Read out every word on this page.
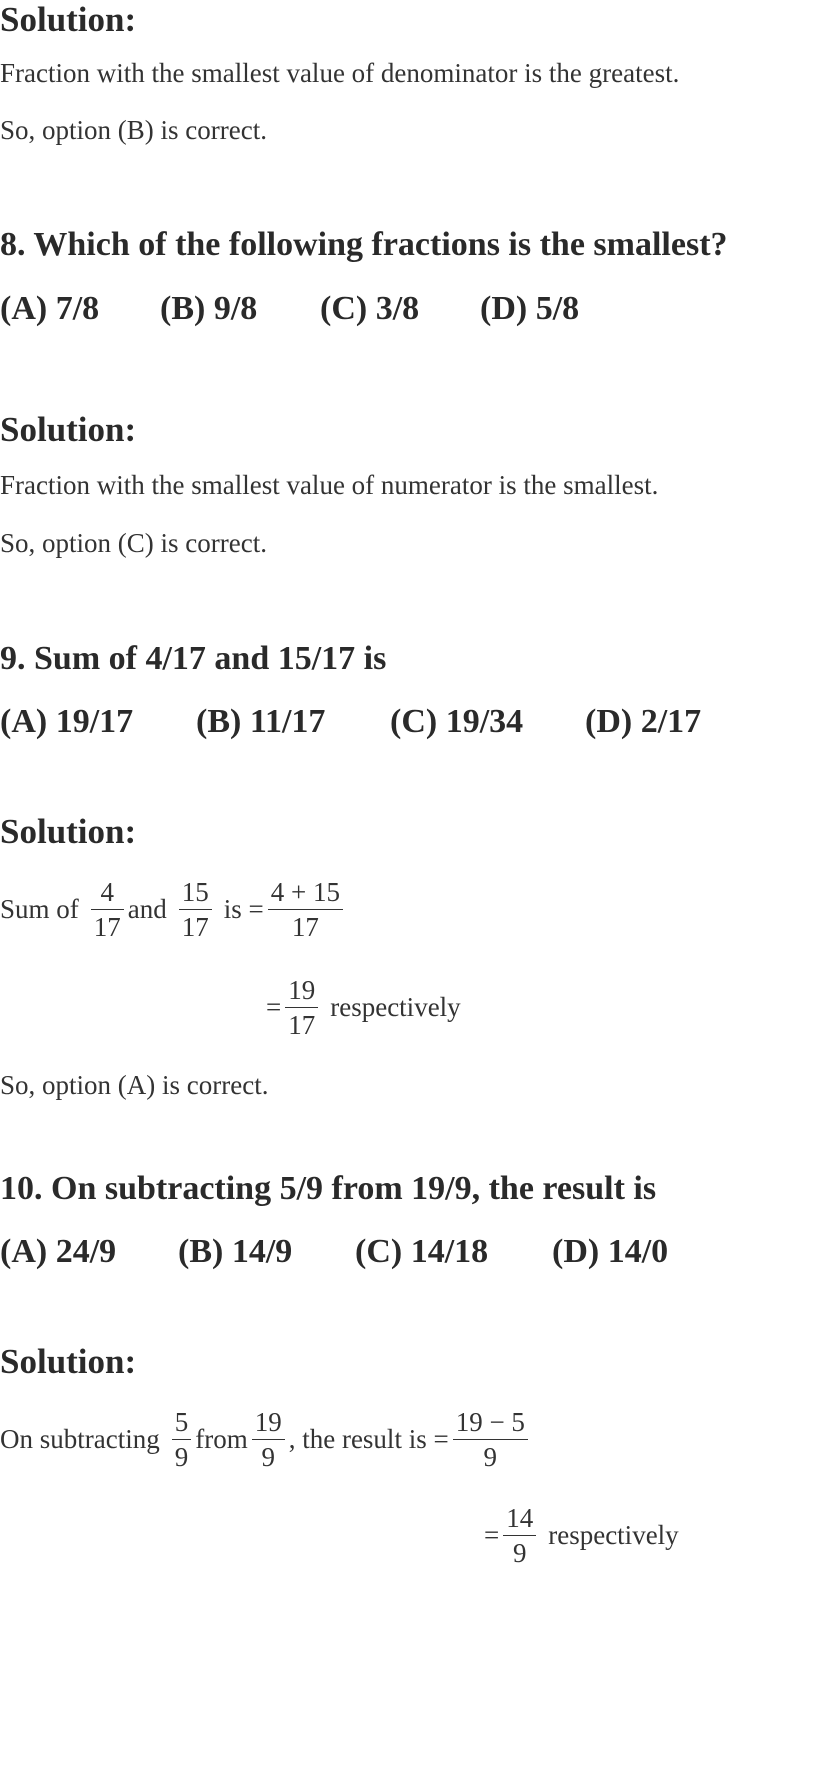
Solution:
Fraction with the smallest value of denominator is the greatest.
So, option (B) is correct.
8. Which of the following fractions is the smallest?
(A) 7/8 (B) 9/8 (C) 3/8 (D) 5/8
Solution:
Fraction with the smallest value of numerator is the smallest.
So, option (C) is correct.
9. Sum of 4/17 and 15/17 is
(A) 19/17 (B) 11/17 (C) 19/34 (D) 2/17
Solution:
Sum of $\frac{4}{17}$ and $\frac{15}{17}$ is = $\frac{4 + 15}{17}$
= $\frac{19}{17}$ respectively
So, option (A) is correct.
10. On subtracting 5/9 from 19/9, the result is
(A) 24/9 (B) 14/9 (C) 14/18 (D) 14/0
Solution:
On subtracting $\frac{5}{9}$ from $\frac{19}{9}$ , the result is = $\frac{19 - 5}{9}$
= $\frac{14}{9}$ respectively
